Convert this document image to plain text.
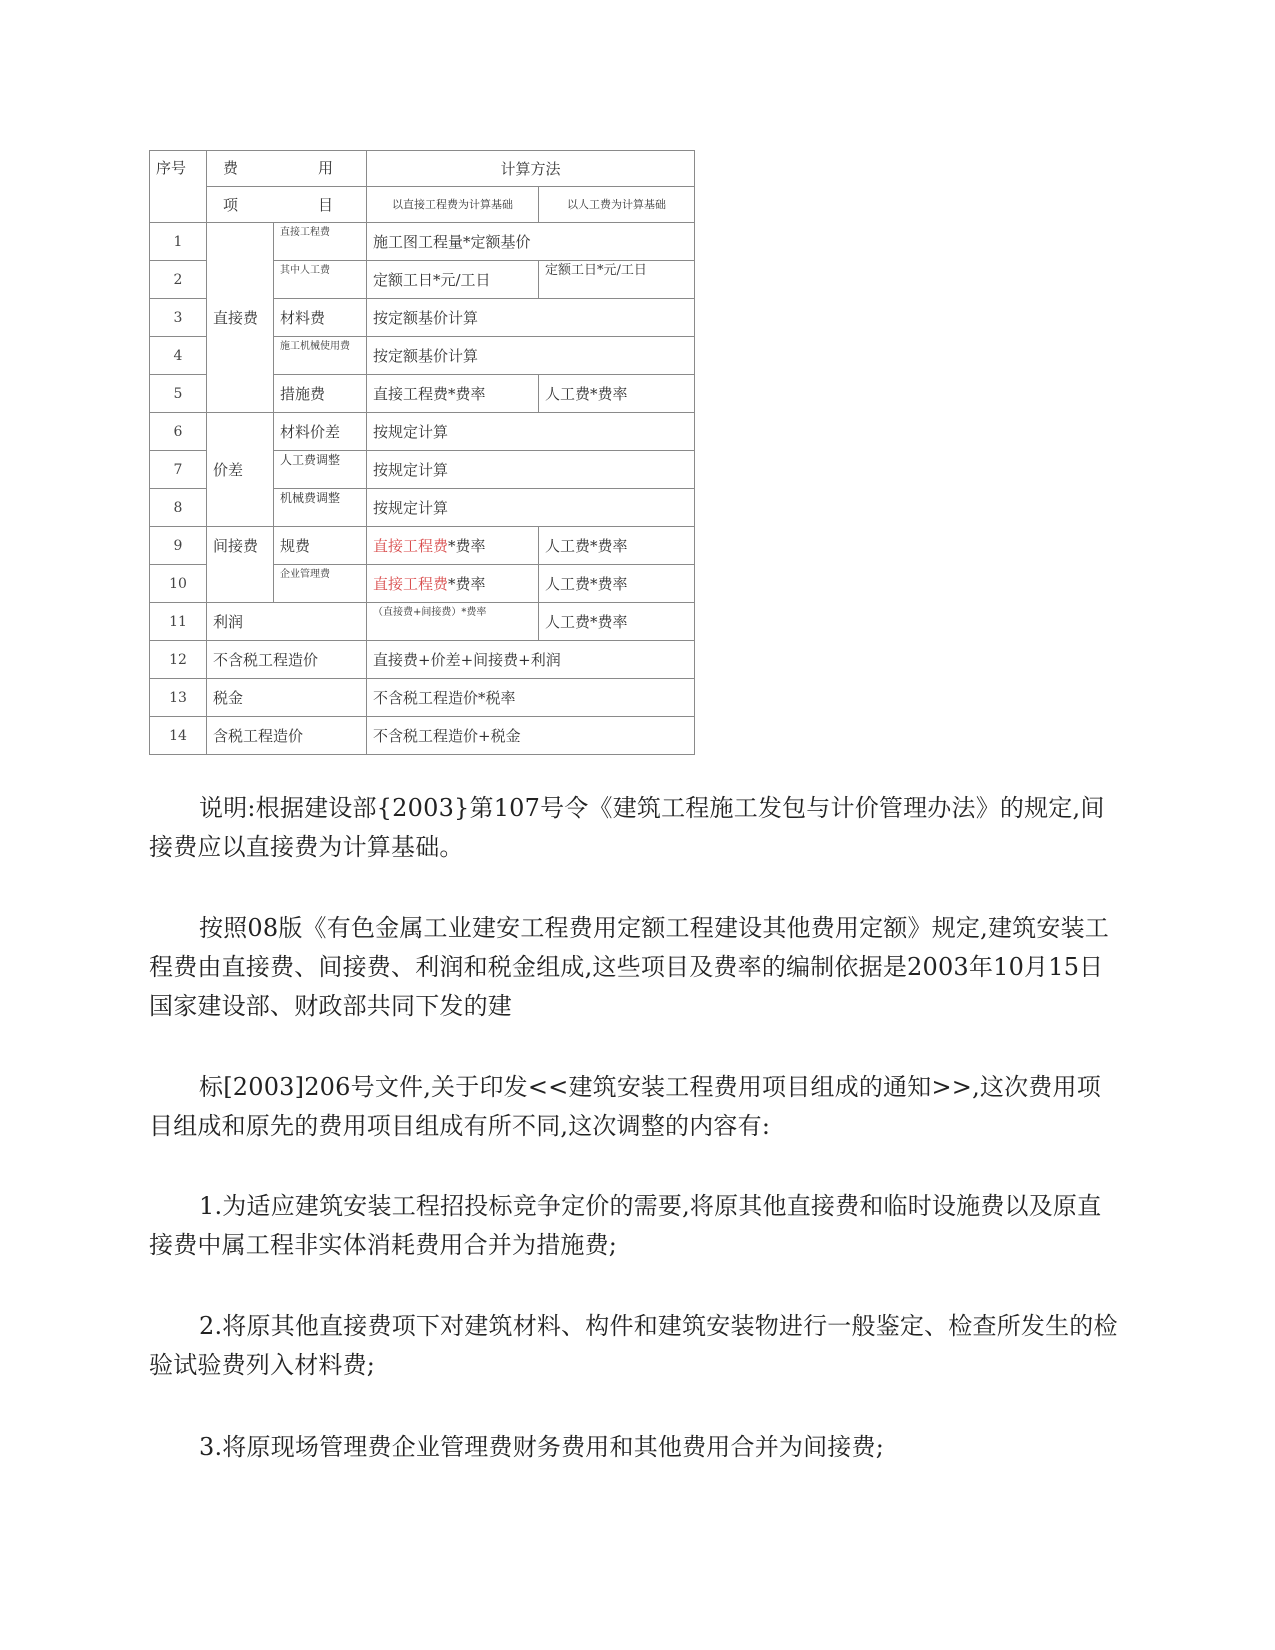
序号	费 用		计算方法	

	项 目		以直接工程费为计算基础	以人工费为计算基础
1	直接费	直接工程费	施工图工程量*定额基价	
2		其中人工费	定额工日*元/工日	定额工日*元/工日
3		材料费	按定额基价计算	
4		施工机械使用费	按定额基价计算	
5		措施费	直接工程费*费率	人工费*费率
6	价差	材料价差	按规定计算	
7		人工费调整	按规定计算	
8		机械费调整	按规定计算	
9	间接费	规费	直接工程费*费率	人工费*费率
10		企业管理费	直接工程费*费率	人工费*费率
11	利润		（直接费+间接费）*费率	人工费*费率
12	不含税工程造价		直接费+价差+间接费+利润	
13	税金		不含税工程造价*税率	
14	含税工程造价		不含税工程造价+税金	

说明:根据建设部{2003}第107号令《建筑工程施工发包与计价管理办法》的规定,间接费应以直接费为计算基础。

按照08版《有色金属工业建安工程费用定额工程建设其他费用定额》规定,建筑安装工程费由直接费、间接费、利润和税金组成,这些项目及费率的编制依据是2003年10月15日国家建设部、财政部共同下发的建

标[2003]206号文件,关于印发<<建筑安装工程费用项目组成的通知>>,这次费用项目组成和原先的费用项目组成有所不同,这次调整的内容有:

1.为适应建筑安装工程招投标竞争定价的需要,将原其他直接费和临时设施费以及原直接费中属工程非实体消耗费用合并为措施费;

2.将原其他直接费项下对建筑材料、构件和建筑安装物进行一般鉴定、检查所发生的检验试验费列入材料费;

3.将原现场管理费企业管理费财务费用和其他费用合并为间接费;
